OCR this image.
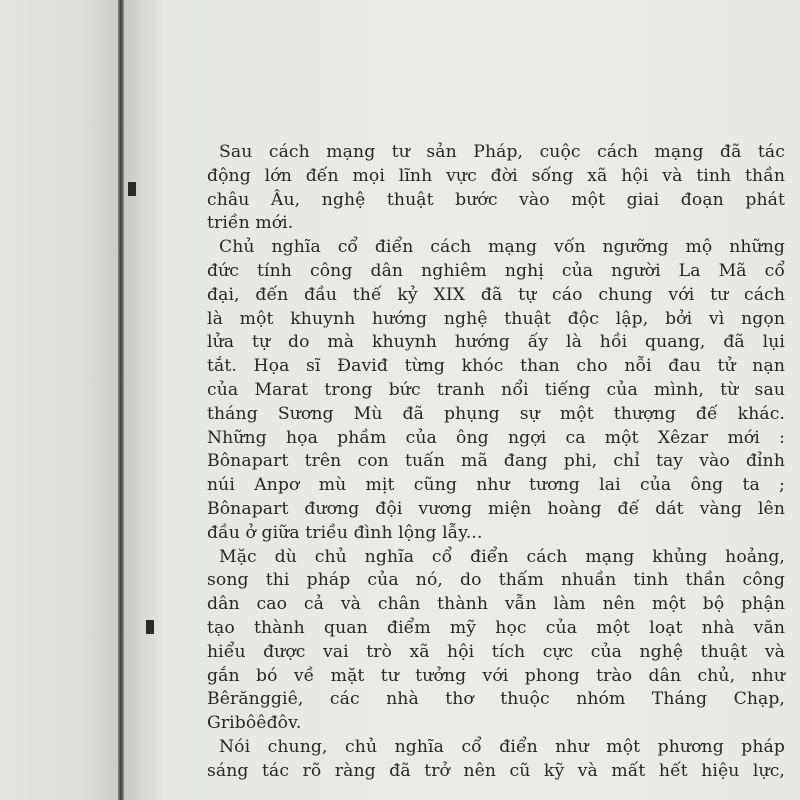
Sau cách mạng tư sản Pháp, cuộc cách mạng đã tác
động lớn đến mọi lĩnh vực đời sống xã hội và tinh thần
châu Âu, nghệ thuật bước vào một giai đoạn phát
triền mới.
Chủ nghĩa cổ điển cách mạng vốn ngưỡng mộ những
đức tính công dân nghiêm nghị của người La Mã cổ
đại, đến đầu thế kỷ XIX đã tự cáo chung với tư cách
là một khuynh hướng nghệ thuật độc lập, bởi vì ngọn
lửa tự do mà khuynh hướng ấy là hồi quang, đã lụi
tắt. Họa sĩ Đaviđ từng khóc than cho nỗi đau tử nạn
của Marat trong bức tranh nổi tiếng của mình, từ sau
tháng Sương Mù đã phụng sự một thượng đế khác.
Những họa phầm của ông ngợi ca một Xêzar mới :
Bônapart trên con tuấn mã đang phi, chỉ tay vào đỉnh
núi Anpơ mù mịt cũng như tương lai của ông ta ;
Bônapart đương đội vương miện hoàng đế dát vàng lên
đầu ở giữa triều đình lộng lẫy...
Mặc dù chủ nghĩa cổ điển cách mạng khủng hoảng,
song thi pháp của nó, do thấm nhuần tinh thần công
dân cao cả và chân thành vẫn làm nên một bộ phận
tạo thành quan điểm mỹ học của một loạt nhà văn
hiểu được vai trò xã hội tích cực của nghệ thuật và
gắn bó về mặt tư tưởng với phong trào dân chủ, như
Bêrănggiê, các nhà thơ thuộc nhóm Tháng Chạp,
Gribôêđôv.
Nói chung, chủ nghĩa cổ điển như một phương pháp
sáng tác rõ ràng đã trở nên cũ kỹ và mất hết hiệu lực,
